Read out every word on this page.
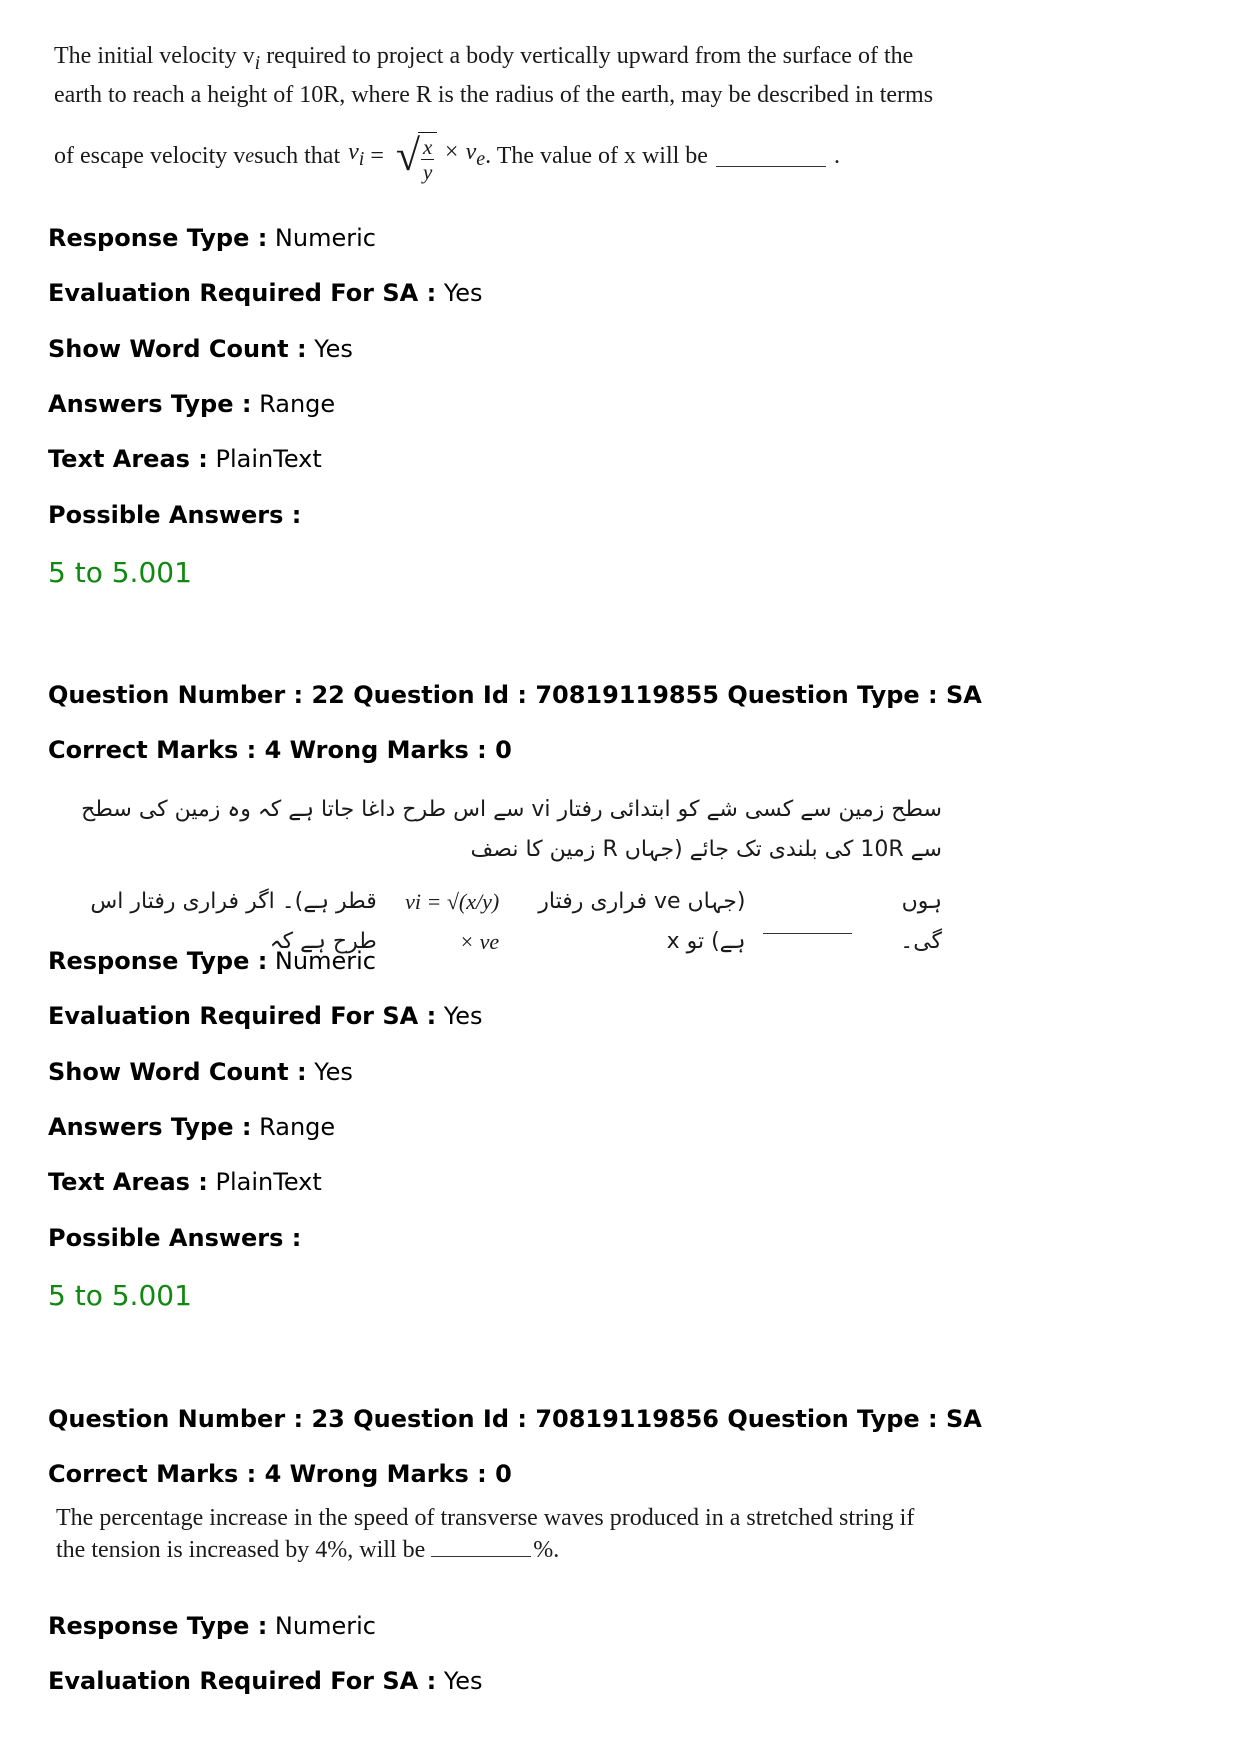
The initial velocity $v_i$ required to project a body vertically upward from the surface of the
earth to reach a height of 10R, where R is the radius of the earth, may be described in terms
of escape velocity v e such that $v_i$ = √
$\frac{x}{y} \times v_e$ . The value of x will be	.
Response Type : Numeric
Evaluation Required For SA : Yes
Show Word Count : Yes
Answers Type : Range
Text Areas : PlainText
Possible Answers :
5 to 5.001
Question Number : 22 Question Id : 70819119855 Question Type : SA
Correct Marks : 4 Wrong Marks : 0
سطح زمین سے کسی شے کو ابتدائی رفتار vi سے اس طرح داغا جاتا ہے کہ وہ زمین کی سطح سے 10R کی بلندی تک جائے (جہاں R زمین کا نصف
قطر ہے)۔ اگر فراری رفتار اس طرح ہے کہ
vi = √(x/y) × ve
(جہاں ve فراری رفتار ہے) تو x
ہوں گی۔
Response Type : Numeric
Evaluation Required For SA : Yes
Show Word Count : Yes
Answers Type : Range
Text Areas : PlainText
Possible Answers :
5 to 5.001
Question Number : 23 Question Id : 70819119856 Question Type : SA
Correct Marks : 4 Wrong Marks : 0
The percentage increase in the speed of transverse waves produced in a stretched string if
the tension is increased by 4%, will be	%.
Response Type : Numeric
Evaluation Required For SA : Yes
